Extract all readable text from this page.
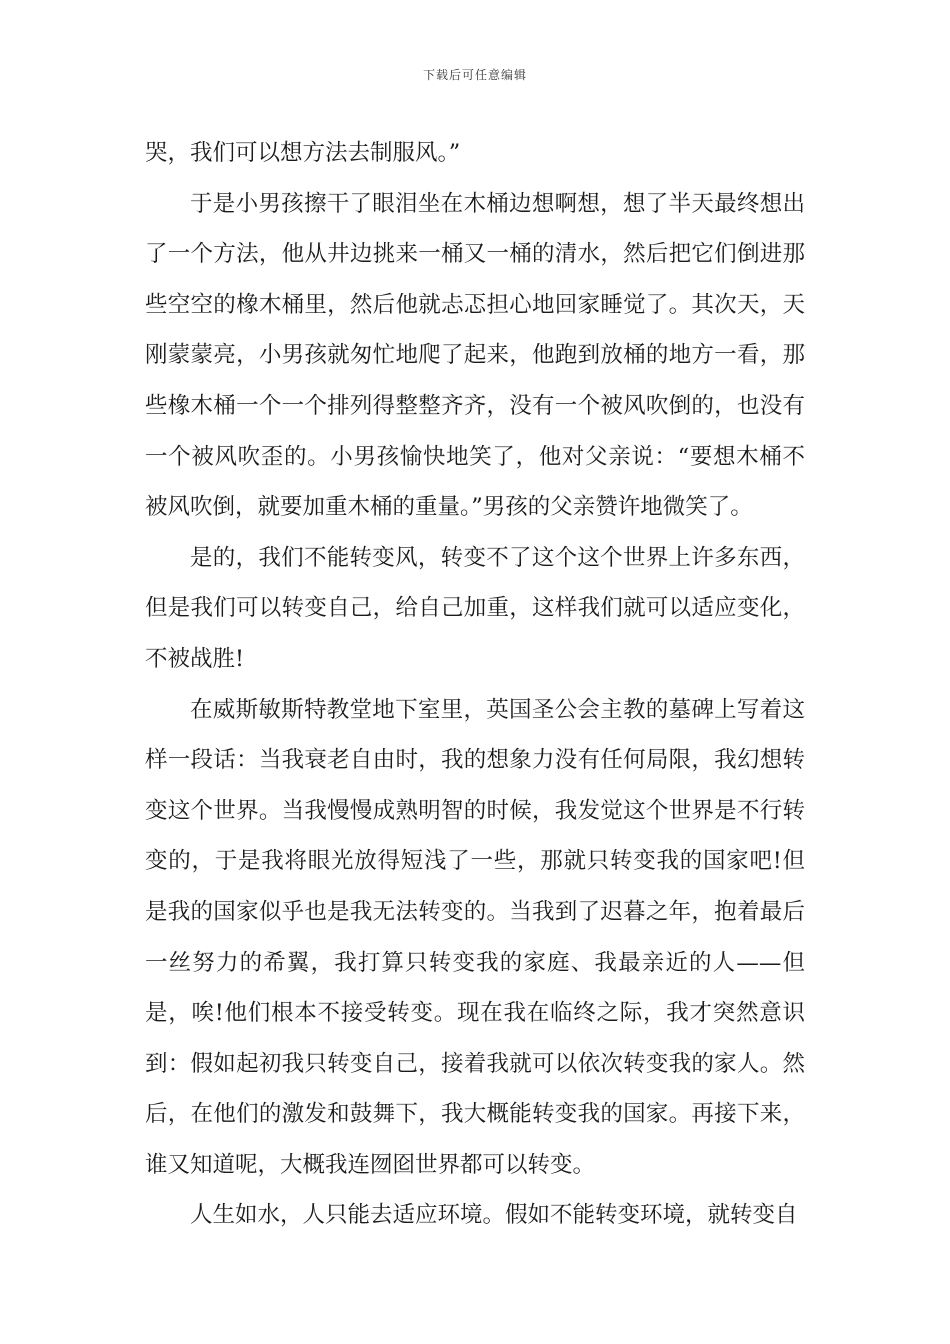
下载后可任意编辑

哭，我们可以想方法去制服风。”

于是小男孩擦干了眼泪坐在木桶边想啊想，想了半天最终想出了一个方法，他从井边挑来一桶又一桶的清水，然后把它们倒进那些空空的橡木桶里，然后他就忐忑担心地回家睡觉了。其次天，天刚蒙蒙亮，小男孩就匆忙地爬了起来，他跑到放桶的地方一看，那些橡木桶一个一个排列得整整齐齐，没有一个被风吹倒的，也没有一个被风吹歪的。小男孩愉快地笑了，他对父亲说：“要想木桶不被风吹倒，就要加重木桶的重量。”男孩的父亲赞许地微笑了。

是的，我们不能转变风，转变不了这个这个世界上许多东西，但是我们可以转变自己，给自己加重，这样我们就可以适应变化，不被战胜!

在威斯敏斯特教堂地下室里，英国圣公会主教的墓碑上写着这样一段话：当我衰老自由时，我的想象力没有任何局限，我幻想转变这个世界。当我慢慢成熟明智的时候，我发觉这个世界是不行转变的，于是我将眼光放得短浅了一些，那就只转变我的国家吧!但是我的国家似乎也是我无法转变的。当我到了迟暮之年，抱着最后一丝努力的希翼，我打算只转变我的家庭、我最亲近的人——但是，唉!他们根本不接受转变。现在我在临终之际，我才突然意识到：假如起初我只转变自己，接着我就可以依次转变我的家人。然后，在他们的激发和鼓舞下，我大概能转变我的国家。再接下来，谁又知道呢，大概我连囫囵世界都可以转变。

人生如水，人只能去适应环境。假如不能转变环境，就转变自
